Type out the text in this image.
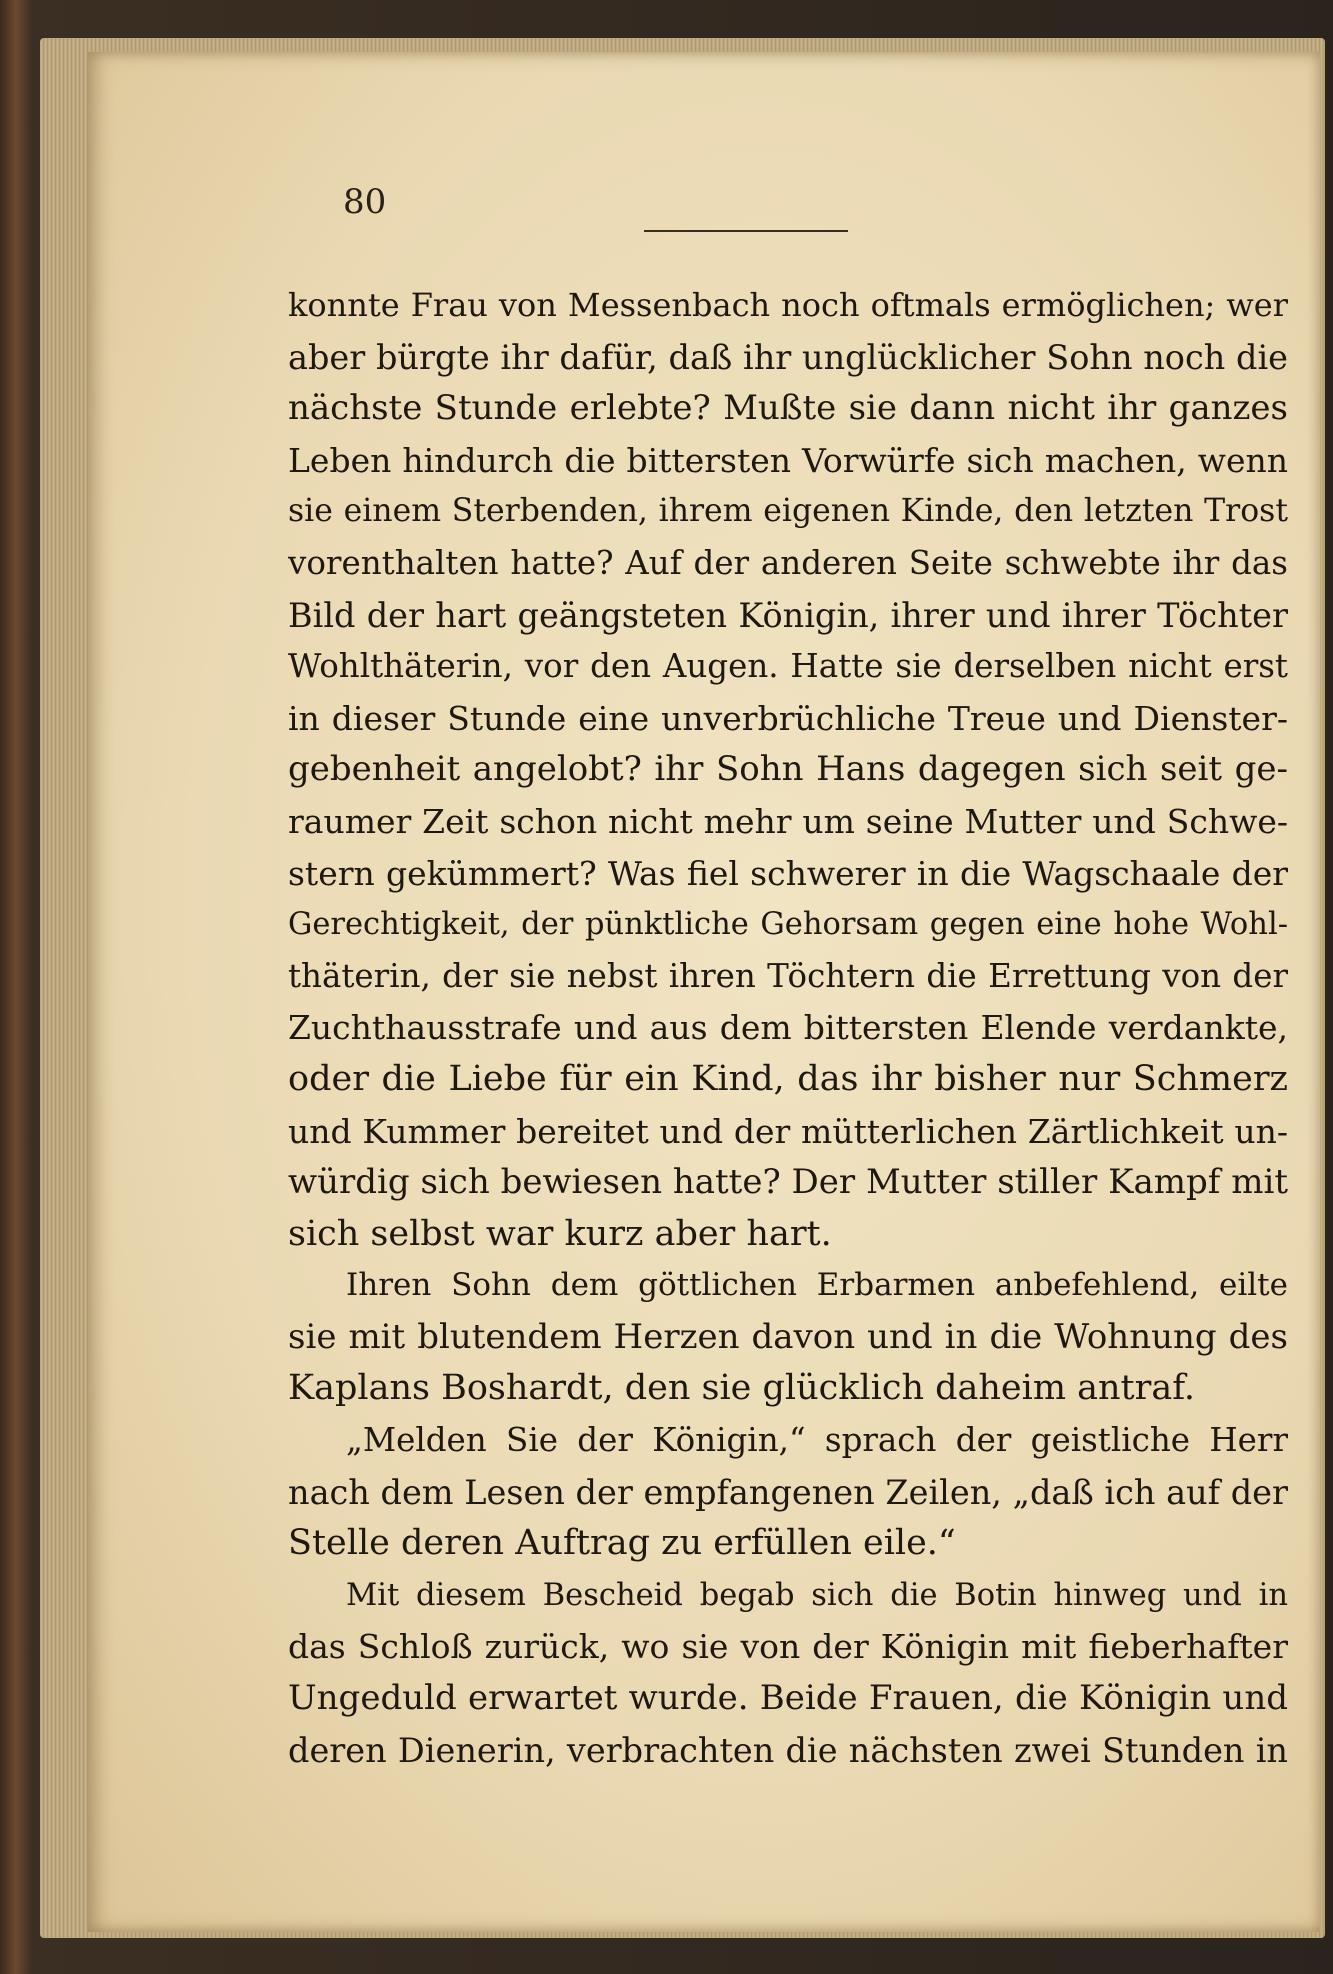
80
konnte Frau von Messenbach noch oftmals ermöglichen; wer
aber bürgte ihr dafür, daß ihr unglücklicher Sohn noch die
nächste Stunde erlebte? Mußte sie dann nicht ihr ganzes
Leben hindurch die bittersten Vorwürfe sich machen, wenn
sie einem Sterbenden, ihrem eigenen Kinde, den letzten Trost
vorenthalten hatte? Auf der anderen Seite schwebte ihr das
Bild der hart geängsteten Königin, ihrer und ihrer Töchter
Wohlthäterin, vor den Augen. Hatte sie derselben nicht erst
in dieser Stunde eine unverbrüchliche Treue und Dienster-
gebenheit angelobt? ihr Sohn Hans dagegen sich seit ge-
raumer Zeit schon nicht mehr um seine Mutter und Schwe-
stern gekümmert? Was fiel schwerer in die Wagschaale der
Gerechtigkeit, der pünktliche Gehorsam gegen eine hohe Wohl-
thäterin, der sie nebst ihren Töchtern die Errettung von der
Zuchthausstrafe und aus dem bittersten Elende verdankte,
oder die Liebe für ein Kind, das ihr bisher nur Schmerz
und Kummer bereitet und der mütterlichen Zärtlichkeit un-
würdig sich bewiesen hatte? Der Mutter stiller Kampf mit
sich selbst war kurz aber hart.
Ihren Sohn dem göttlichen Erbarmen anbefehlend, eilte
sie mit blutendem Herzen davon und in die Wohnung des
Kaplans Boshardt, den sie glücklich daheim antraf.
„Melden Sie der Königin,“ sprach der geistliche Herr
nach dem Lesen der empfangenen Zeilen, „daß ich auf der
Stelle deren Auftrag zu erfüllen eile.“
Mit diesem Bescheid begab sich die Botin hinweg und in
das Schloß zurück, wo sie von der Königin mit fieberhafter
Ungeduld erwartet wurde. Beide Frauen, die Königin und
deren Dienerin, verbrachten die nächsten zwei Stunden in
